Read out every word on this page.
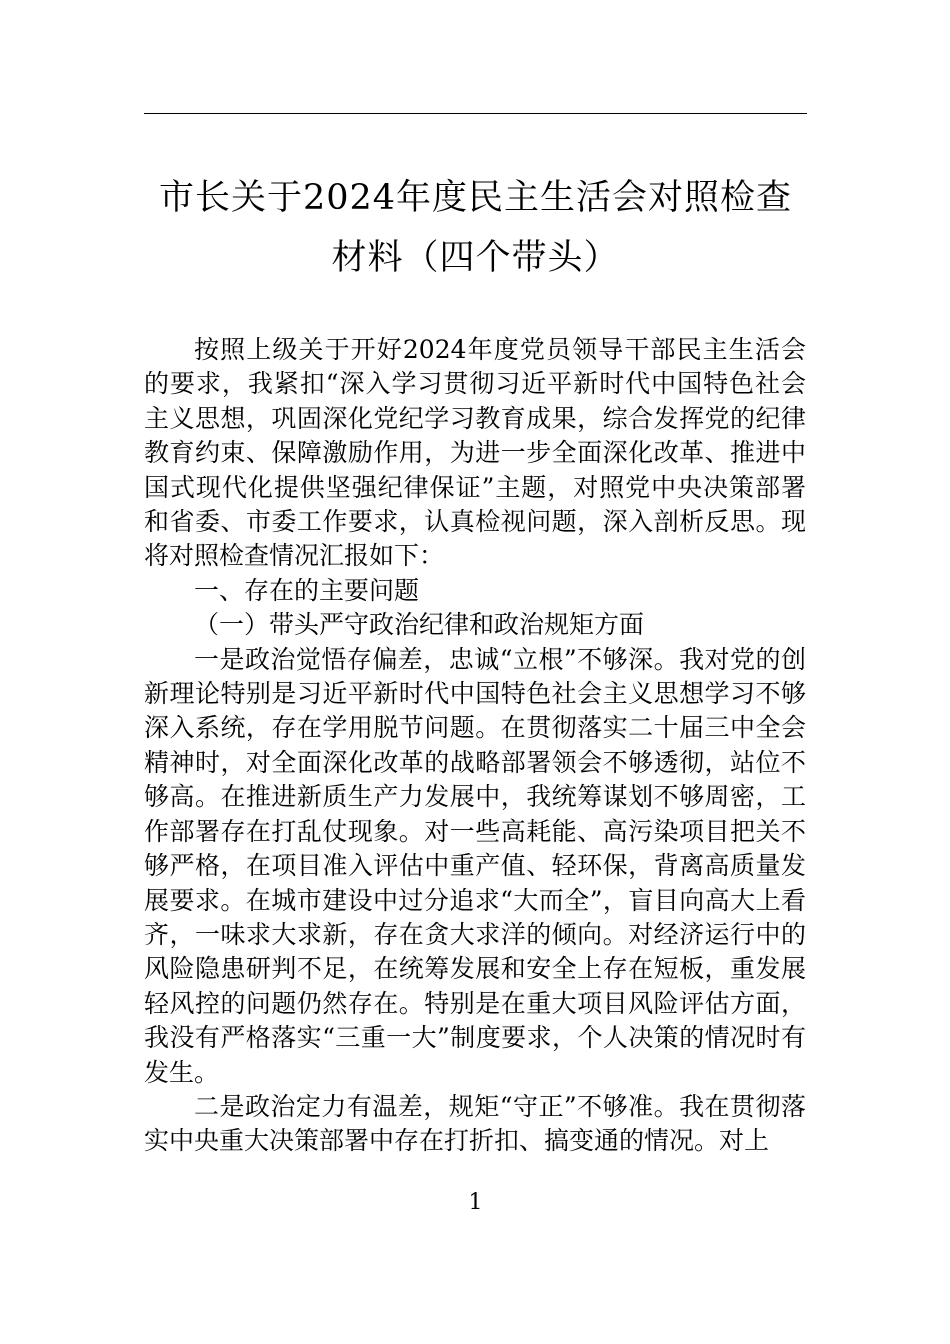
市长关于2024年度民主生活会对照检查材料（四个带头）

按照上级关于开好2024年度党员领导干部民主生活会的要求，我紧扣“深入学习贯彻习近平新时代中国特色社会主义思想，巩固深化党纪学习教育成果，综合发挥党的纪律教育约束、保障激励作用，为进一步全面深化改革、推进中国式现代化提供坚强纪律保证”主题，对照党中央决策部署和省委、市委工作要求，认真检视问题，深入剖析反思。现将对照检查情况汇报如下：

一、存在的主要问题

（一）带头严守政治纪律和政治规矩方面

一是政治觉悟存偏差，忠诚“立根”不够深。我对党的创新理论特别是习近平新时代中国特色社会主义思想学习不够深入系统，存在学用脱节问题。在贯彻落实二十届三中全会精神时，对全面深化改革的战略部署领会不够透彻，站位不够高。在推进新质生产力发展中，我统筹谋划不够周密，工作部署存在打乱仗现象。对一些高耗能、高污染项目把关不够严格，在项目准入评估中重产值、轻环保，背离高质量发展要求。在城市建设中过分追求“大而全”，盲目向高大上看齐，一味求大求新，存在贪大求洋的倾向。对经济运行中的风险隐患研判不足，在统筹发展和安全上存在短板，重发展轻风控的问题仍然存在。特别是在重大项目风险评估方面，我没有严格落实“三重一大”制度要求，个人决策的情况时有发生。

二是政治定力有温差，规矩“守正”不够准。我在贯彻落实中央重大决策部署中存在打折扣、搞变通的情况。对上

1
